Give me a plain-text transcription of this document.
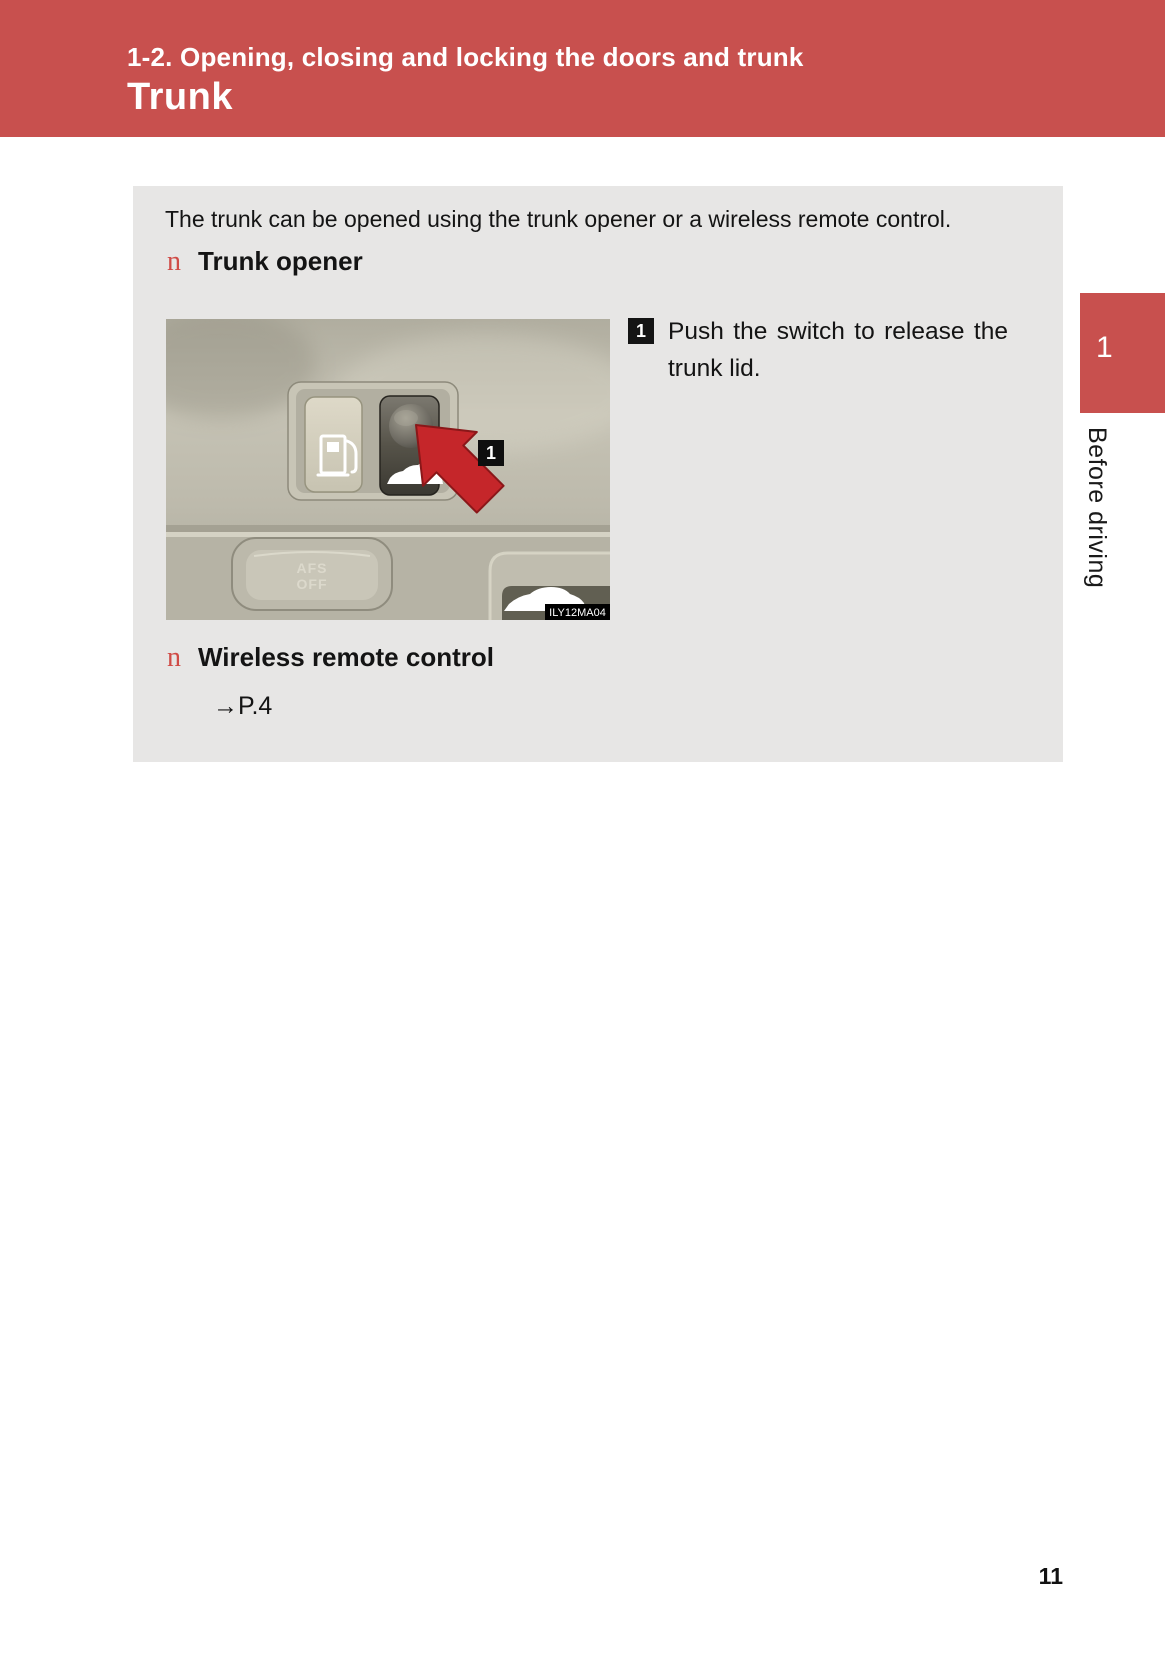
1-2. Opening, closing and locking the doors and trunk
Trunk

The trunk can be opened using the trunk opener or a wireless remote control.

n Trunk opener
AFS
OFF
ILY12MA04
1
1 Push the switch to release the trunk lid.
n Wireless remote control
→P.4
1
Before driving
11
